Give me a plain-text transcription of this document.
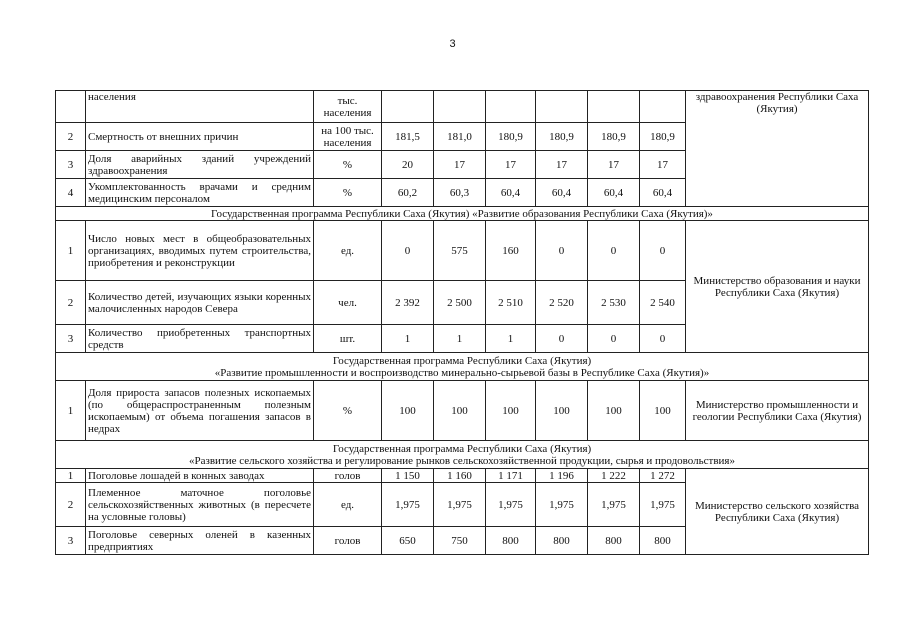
3
	населения	тыс. населения							здравоохранения Республики Саха (Якутия)
2	Смертность от внешних причин	на 100 тыс. населения	181,5	181,0	180,9	180,9	180,9	180,9	
3	Доля аварийных зданий учреждений здравоохранения	%	20	17	17	17	17	17	
4	Укомплектованность врачами и средним медицинским персоналом	%	60,2	60,3	60,4	60,4	60,4	60,4	
Государственная программа Республики Саха (Якутия) «Развитие образования Республики Саха (Якутия)»									
1	Число новых мест в общеобразовательных организациях, вводимых путем строительства, приобретения и реконструкции	ед.	0	575	160	0	0	0	Министерство образования и науки Республики Саха (Якутия)
2	Количество детей, изучающих языки коренных малочисленных народов Севера	чел.	2 392	2 500	2 510	2 520	2 530	2 540	
3	Количество приобретенных транспортных средств	шт.	1	1	1	0	0	0	

Государственная программа Республики Саха (Якутия)
«Развитие промышленности и воспроизводство минерально-сырьевой базы в Республике Саха (Якутия)»									

1	Доля прироста запасов полезных ископаемых (по общераспространенным полезным ископаемым) от объема погашения запасов в недрах	%	100	100	100	100	100	100	Министерство промышленности и геологии Республики Саха (Якутия)

Государственная программа Республики Саха (Якутия)
«Развитие сельского хозяйства и регулирование рынков сельскохозяйственной продукции, сырья и продовольствия»									

1	Поголовье лошадей в конных заводах	голов	1 150	1 160	1 171	1 196	1 222	1 272	Министерство сельского хозяйства Республики Саха (Якутия)
2	Племенное маточное поголовье сельскохозяйственных животных (в пересчете на условные головы)	ед.	1,975	1,975	1,975	1,975	1,975	1,975	
3	Поголовье северных оленей в казенных предприятиях	голов	650	750	800	800	800	800	
